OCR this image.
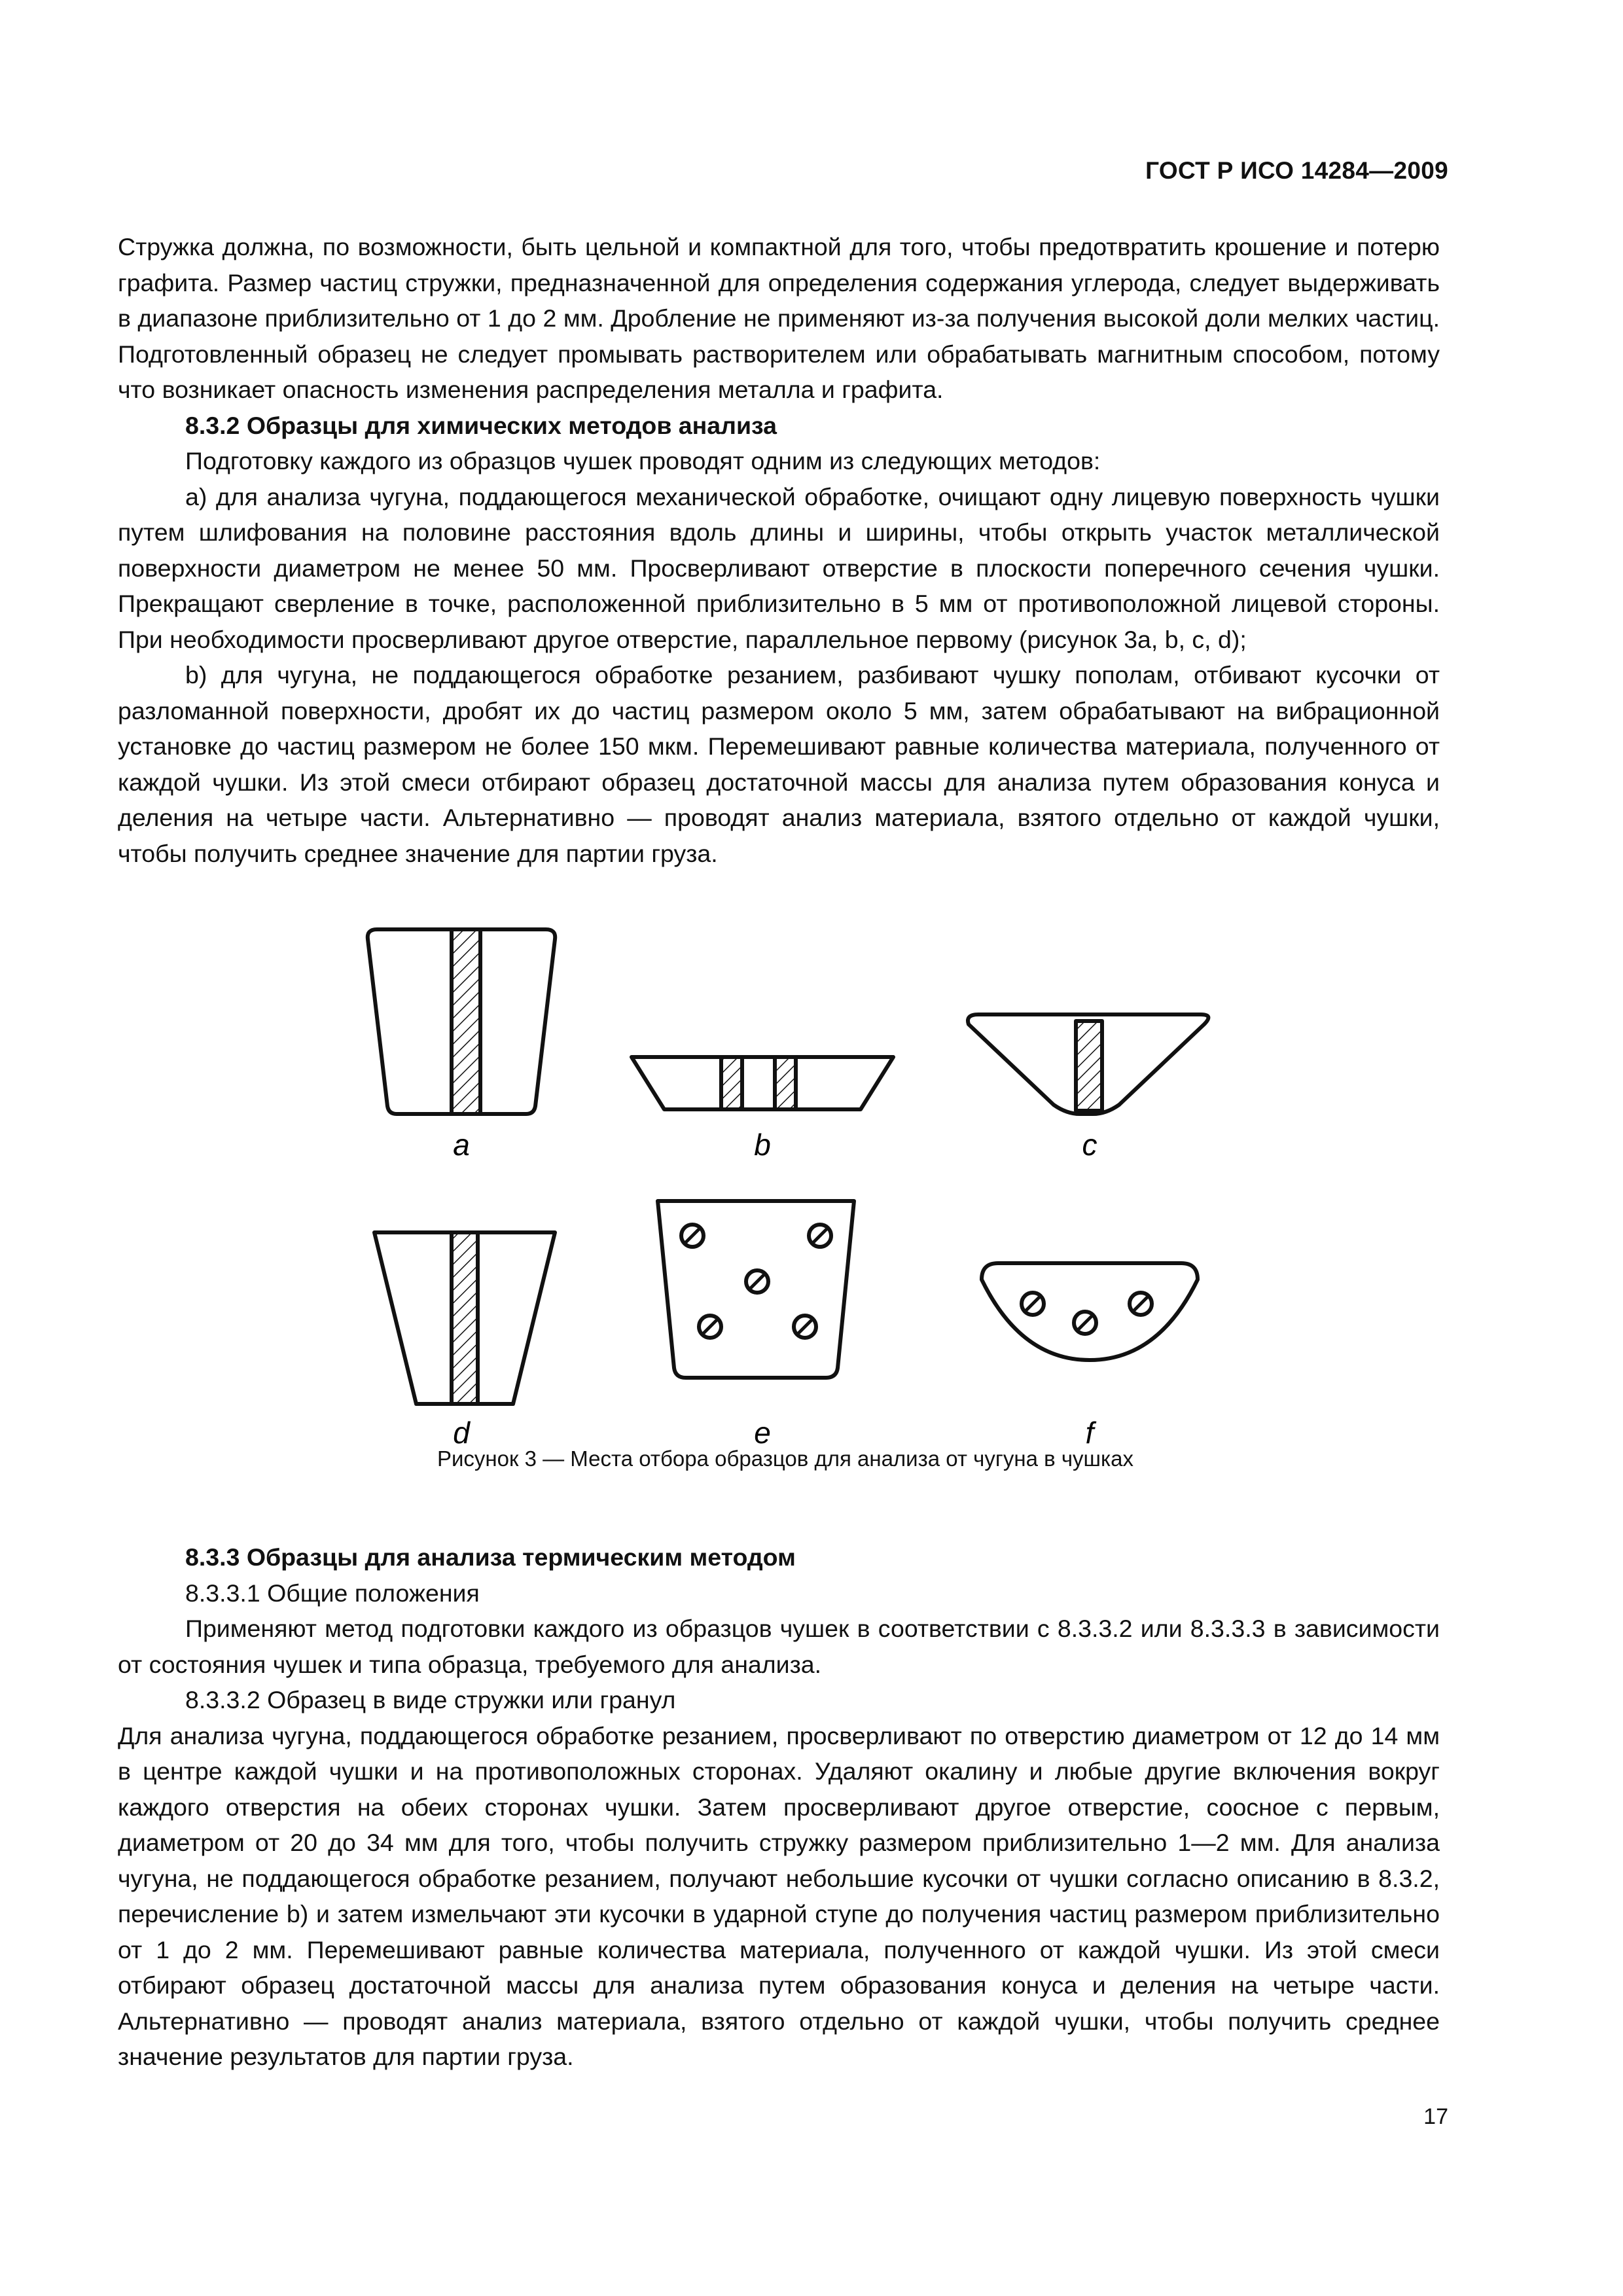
ГОСТ Р ИСО 14284—2009

Стружка должна, по возможности, быть цельной и компактной для того, чтобы предотвратить крошение и потерю графита. Размер частиц стружки, предназначенной для определения содержания углерода, следует выдерживать в диапазоне приблизительно от 1 до 2 мм. Дробление не применяют из-за получения высокой доли мелких частиц. Подготовленный образец не следует промывать растворителем или обрабатывать магнитным способом, потому что возникает опасность изменения распределения металла и графита.

8.3.2 Образцы для химических методов анализа

Подготовку каждого из образцов чушек проводят одним из следующих методов:

а) для анализа чугуна, поддающегося механической обработке, очищают одну лицевую поверхность чушки путем шлифования на половине расстояния вдоль длины и ширины, чтобы открыть участок металлической поверхности диаметром не менее 50 мм. Просверливают отверстие в плоскости поперечного сечения чушки. Прекращают сверление в точке, расположенной приблизительно в 5 мм от противоположной лицевой стороны. При необходимости просверливают другое отверстие, параллельное первому (рисунок 3a, b, c, d);

b) для чугуна, не поддающегося обработке резанием, разбивают чушку пополам, отбивают кусочки от разломанной поверхности, дробят их до частиц размером около 5 мм, затем обрабатывают на вибрационной установке до частиц размером не более 150 мкм. Перемешивают равные количества материала, полученного от каждой чушки. Из этой смеси отбирают образец достаточной массы для анализа путем образования конуса и деления на четыре части. Альтернативно — проводят анализ материала, взятого отдельно от каждой чушки, чтобы получить среднее значение для партии груза.

a	b	c
d	e	f
Рисунок 3 — Места отбора образцов для анализа от чугуна в чушках

8.3.3 Образцы для анализа термическим методом

8.3.3.1 Общие положения

Применяют метод подготовки каждого из образцов чушек в соответствии с 8.3.3.2 или 8.3.3.3 в зависимости от состояния чушек и типа образца, требуемого для анализа.

8.3.3.2 Образец в виде стружки или гранул

Для анализа чугуна, поддающегося обработке резанием, просверливают по отверстию диаметром от 12 до 14 мм в центре каждой чушки и на противоположных сторонах. Удаляют окалину и любые другие включения вокруг каждого отверстия на обеих сторонах чушки. Затем просверливают другое отверстие, соосное с первым, диаметром от 20 до 34 мм для того, чтобы получить стружку размером приблизительно 1—2 мм. Для анализа чугуна, не поддающегося обработке резанием, получают небольшие кусочки от чушки согласно описанию в 8.3.2, перечисление b) и затем измельчают эти кусочки в ударной ступе до получения частиц размером приблизительно от 1 до 2 мм. Перемешивают равные количества материала, полученного от каждой чушки. Из этой смеси отбирают образец достаточной массы для анализа путем образования конуса и деления на четыре части. Альтернативно — проводят анализ материала, взятого отдельно от каждой чушки, чтобы получить среднее значение результатов для партии груза.

17
